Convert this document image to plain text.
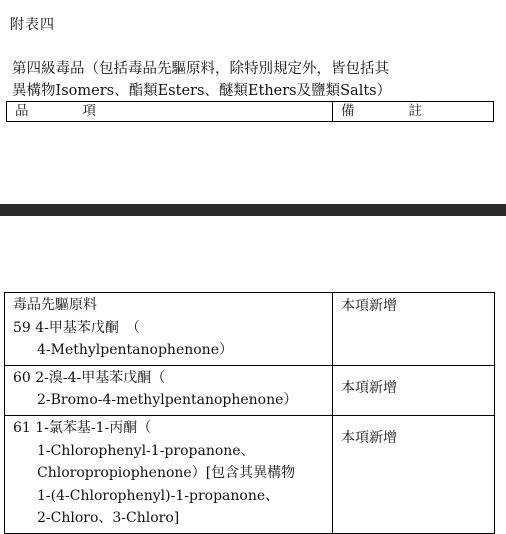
附表四
第四級毒品（包括毒品先驅原料，除特別規定外，皆包括其
異構物Isomers、酯類Esters、醚類Ethers及鹽類Salts）
品　　　　項	備　　　　註
毒品先驅原料
59 4-甲基苯戊酮　（
4-Methylpentanophenone）
本項新增
60 2-溴-4-甲基苯戊酮（
2-Bromo-4-methylpentanophenone）
本項新增
61 1-氯苯基-1-丙酮（
1-Chlorophenyl-1-propanone、
Chloropropiophenone）[包含其異構物
1-(4-Chlorophenyl)-1-propanone、
2-Chloro、3-Chloro]
本項新增
